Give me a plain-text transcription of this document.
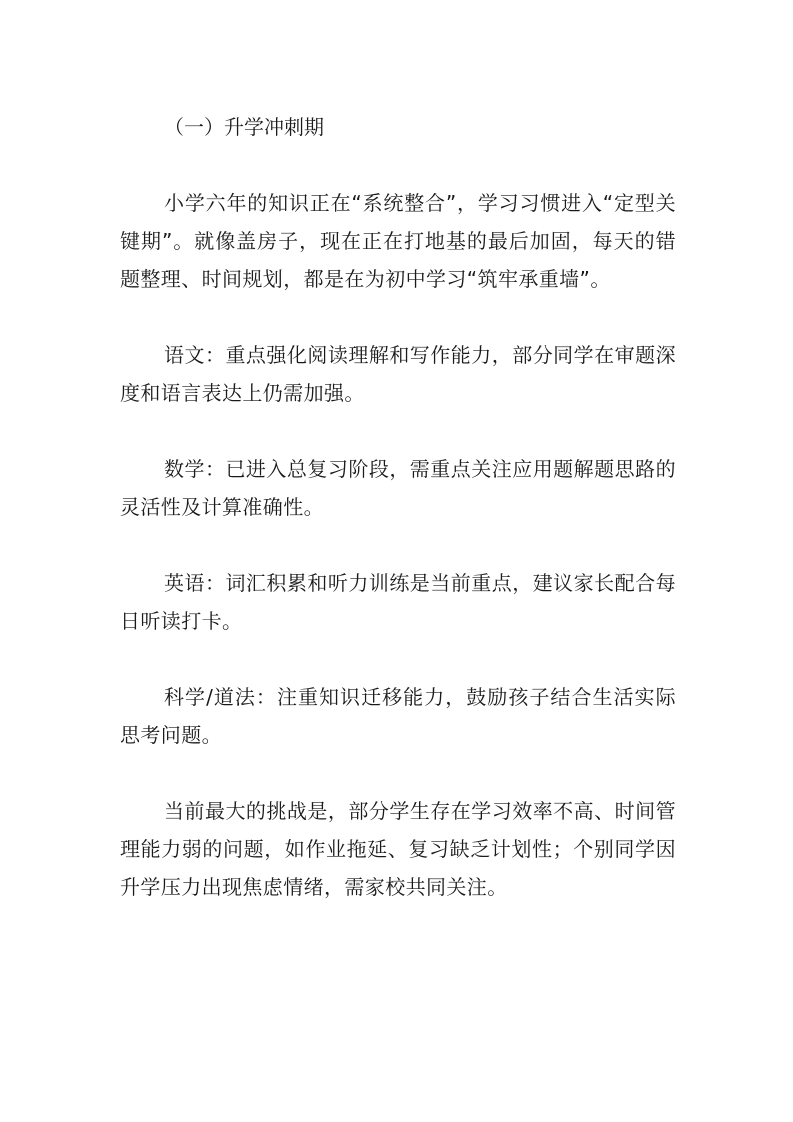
（一）升学冲刺期

小学六年的知识正在“系统整合”，学习习惯进入“定型关键期”。就像盖房子，现在正在打地基的最后加固，每天的错题整理、时间规划，都是在为初中学习“筑牢承重墙”。

语文：重点强化阅读理解和写作能力，部分同学在审题深度和语言表达上仍需加强。

数学：已进入总复习阶段，需重点关注应用题解题思路的灵活性及计算准确性。

英语：词汇积累和听力训练是当前重点，建议家长配合每日听读打卡。

科学/道法：注重知识迁移能力，鼓励孩子结合生活实际思考问题。

当前最大的挑战是，部分学生存在学习效率不高、时间管理能力弱的问题，如作业拖延、复习缺乏计划性；个别同学因升学压力出现焦虑情绪，需家校共同关注。
